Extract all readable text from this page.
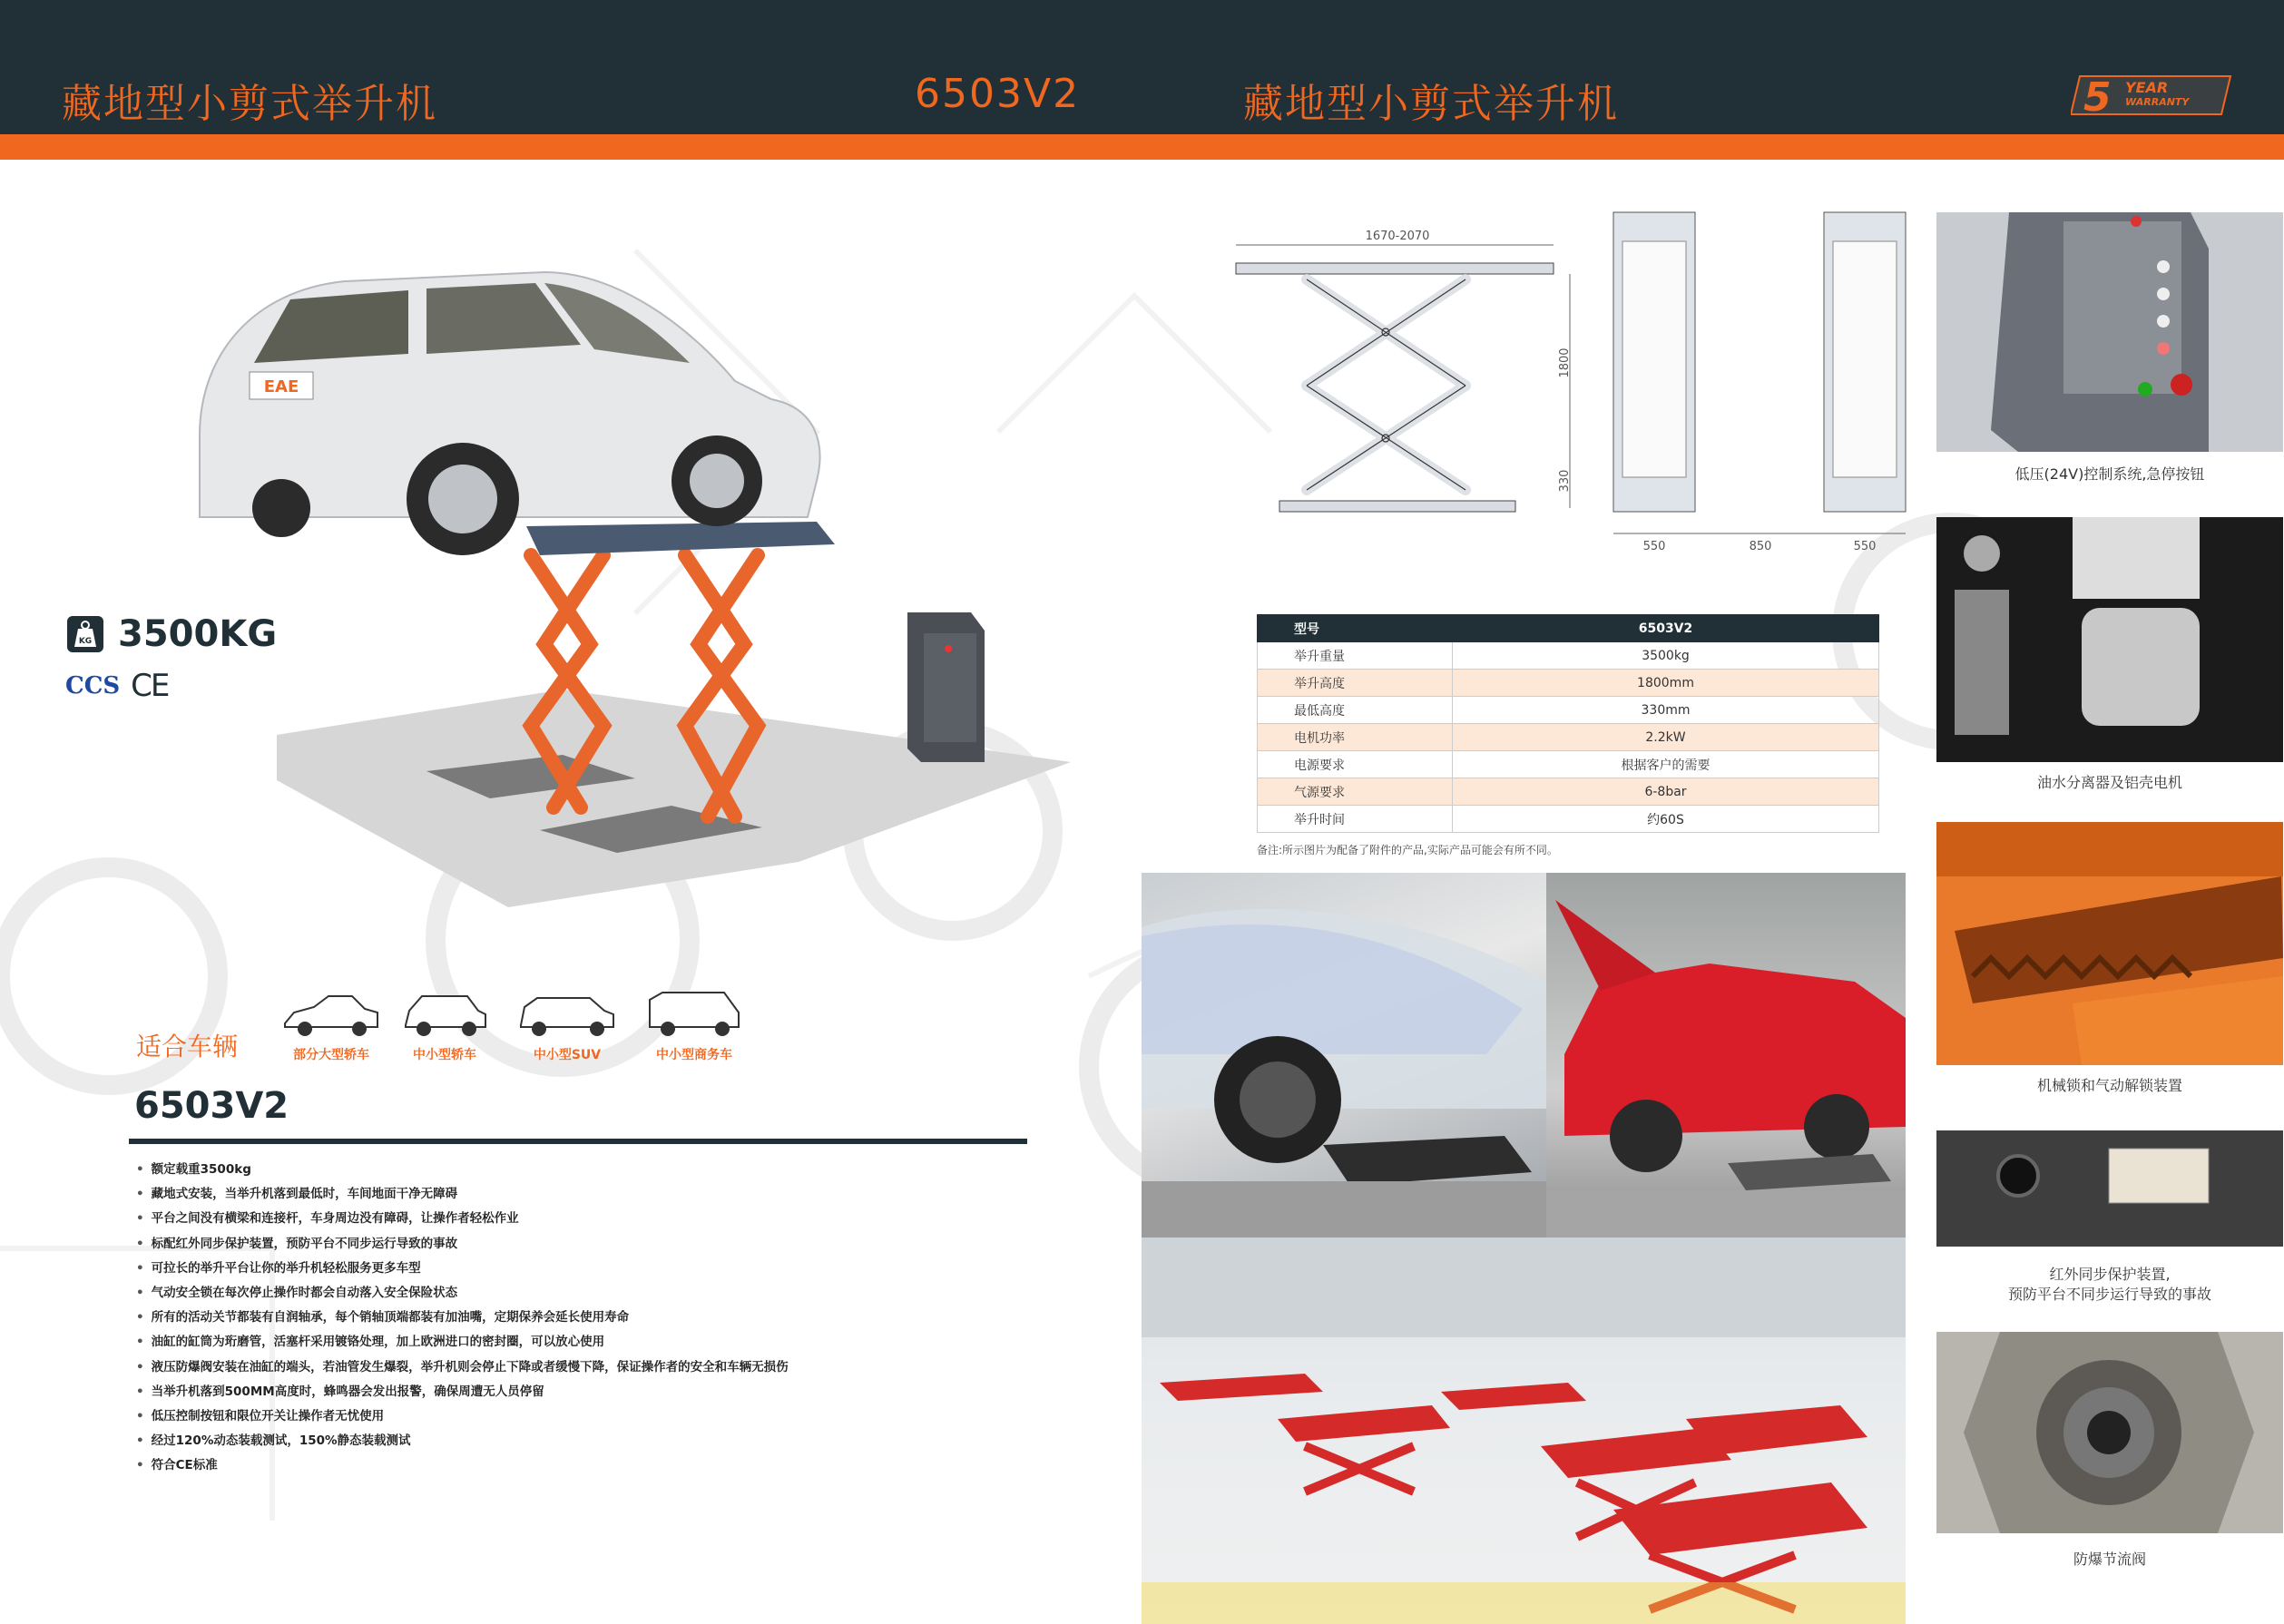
藏地型小剪式举升机	6503V2	藏地型小剪式举升机	5 YEAR
WARRANTY
EAE
KG 3500KG
CCS CE
适合车辆	部分大型轿车	中小型轿车	中小型SUV	中小型商务车
6503V2
• 额定载重3500kg
• 藏地式安装，当举升机落到最低时，车间地面干净无障碍
• 平台之间没有横梁和连接杆，车身周边没有障碍，让操作者轻松作业
• 标配红外同步保护装置，预防平台不同步运行导致的事故
• 可拉长的举升平台让你的举升机轻松服务更多车型
• 气动安全锁在每次停止操作时都会自动落入安全保险状态
• 所有的活动关节都装有自润轴承，每个销轴顶端都装有加油嘴，定期保养会延长使用寿命
• 油缸的缸筒为珩磨管，活塞杆采用镀铬处理，加上欧洲进口的密封圈，可以放心使用
• 液压防爆阀安装在油缸的端头，若油管发生爆裂，举升机则会停止下降或者缓慢下降，保证操作者的安全和车辆无损伤
• 当举升机落到500MM高度时，蜂鸣器会发出报警，确保周遭无人员停留
• 低压控制按钮和限位开关让操作者无忧使用
• 经过120%动态装载测试，150%静态装载测试
• 符合CE标准
1670-2070
1800
330
550	850	550
型号	6503V2
举升重量	3500kg
举升高度	1800mm
最低高度	330mm
电机功率	2.2kW
电源要求	根据客户的需要
气源要求	6-8bar
举升时间	约60S
备注:所示图片为配备了附件的产品,实际产品可能会有所不同。
低压(24V)控制系统,急停按钮
油水分离器及铝壳电机
机械锁和气动解锁装置
红外同步保护装置,
预防平台不同步运行导致的事故
防爆节流阀
